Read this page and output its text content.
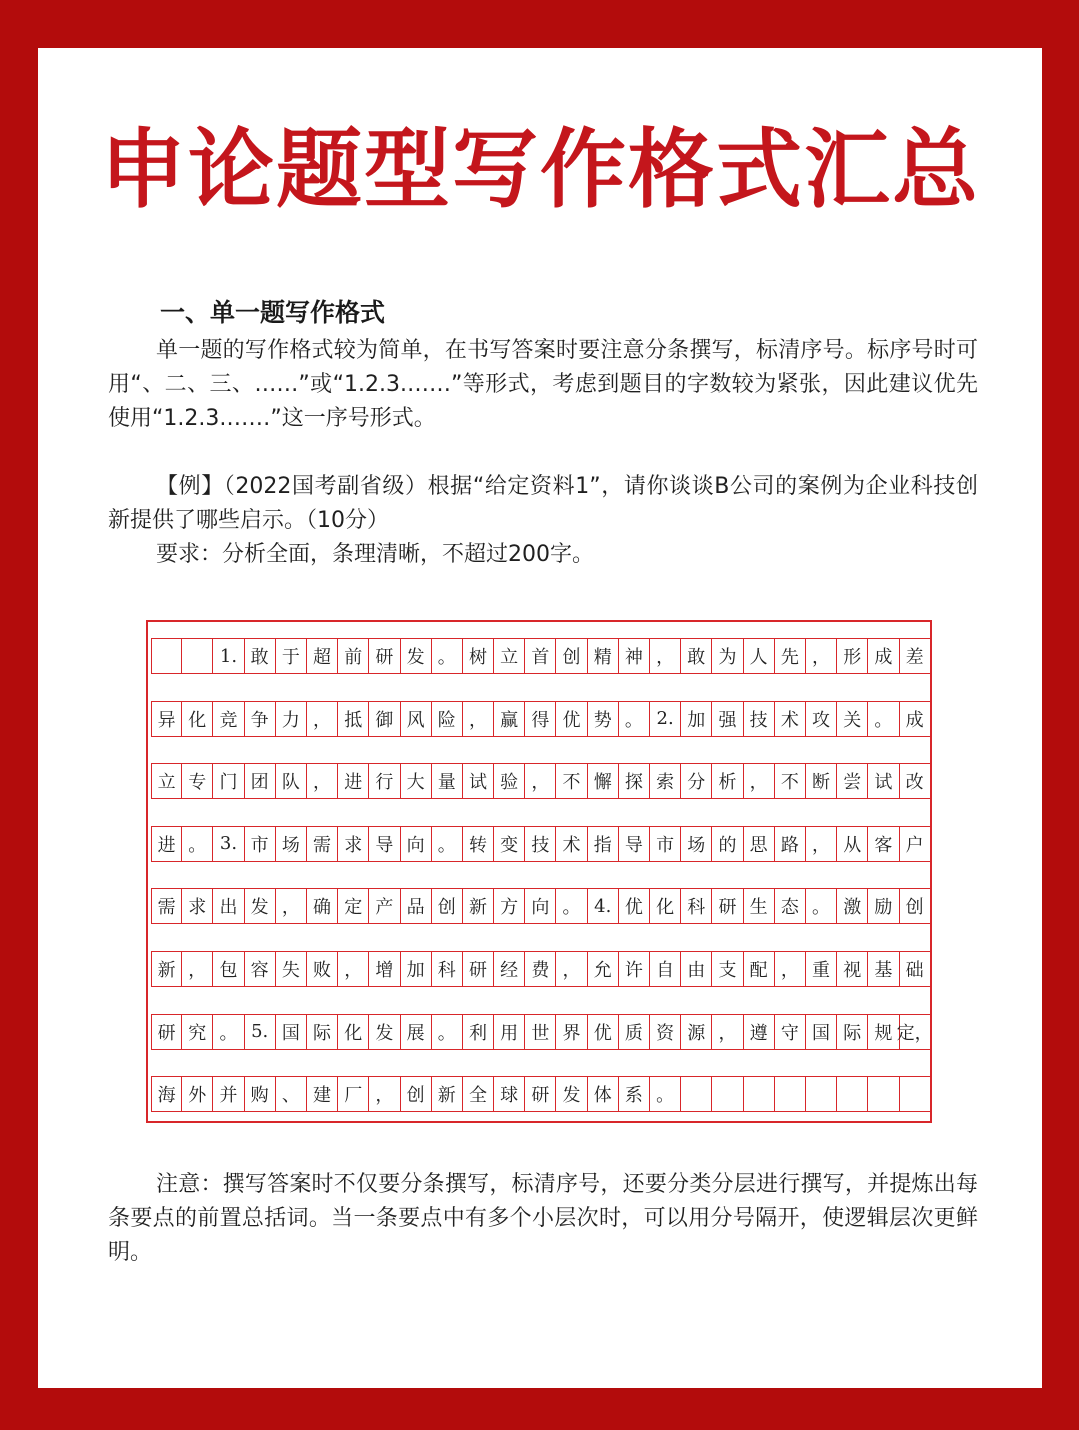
申论题型写作格式汇总
一、单一题写作格式
单一题的写作格式较为简单，在书写答案时要注意分条撰写，标清序号。标序号时可用“、二、三、……”或“1.2.3.……”等形式，考虑到题目的字数较为紧张，因此建议优先使用“1.2.3.……”这一序号形式。
【例】（2022国考副省级）根据“给定资料1”，请你谈谈B公司的案例为企业科技创新提供了哪些启示。（10分）
要求：分析全面，条理清晰，不超过200字。
1. 敢 于 超 前 研 发 。 树 立 首 创 精 神 ， 敢 为 人 先 ， 形 成 差
异 化 竞 争 力 ， 抵 御 风 险 ， 赢 得 优 势 。 2. 加 强 技 术 攻 关 。 成
立 专 门 团 队 ， 进 行 大 量 试 验 ， 不 懈 探 索 分 析 ， 不 断 尝 试 改
进 。 3. 市 场 需 求 导 向 。 转 变 技 术 指 导 市 场 的 思 路 ， 从 客 户
需 求 出 发 ， 确 定 产 品 创 新 方 向 。 4. 优 化 科 研 生 态 。 激 励 创
新 ， 包 容 失 败 ， 增 加 科 研 经 费 ， 允 许 自 由 支 配 ， 重 视 基 础
研 究 。 5. 国 际 化 发 展 。 利 用 世 界 优 质 资 源 ， 遵 守 国 际 规 定，
海 外 并 购 、 建 厂 ， 创 新 全 球 研 发 体 系 。
注意：撰写答案时不仅要分条撰写，标清序号，还要分类分层进行撰写，并提炼出每条要点的前置总括词。当一条要点中有多个小层次时，可以用分号隔开，使逻辑层次更鲜明。
